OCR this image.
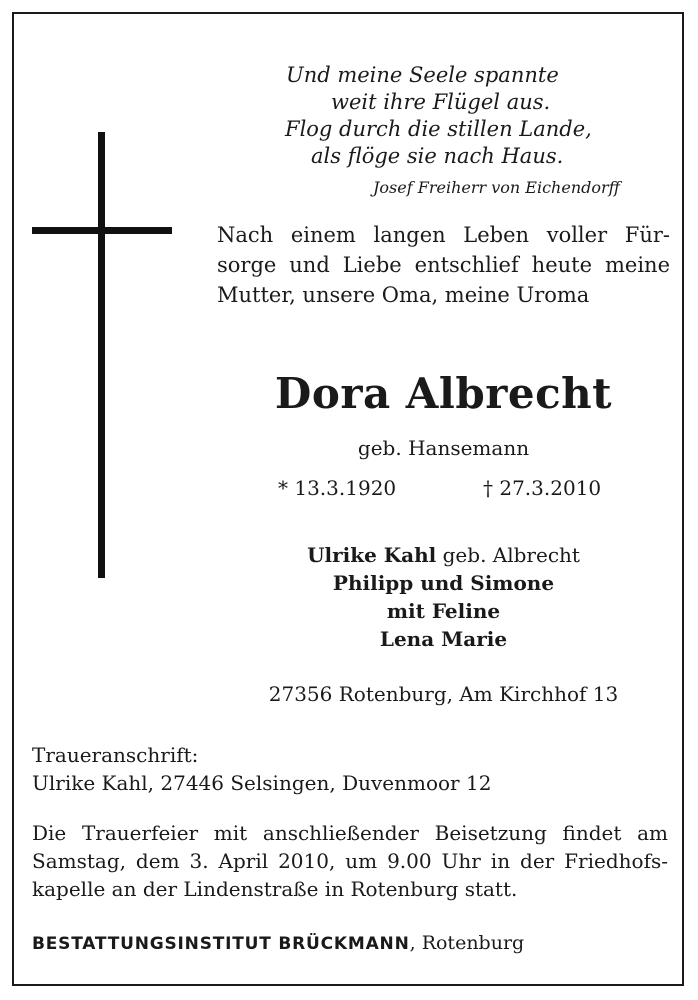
Und meine Seele spannte
weit ihre Flügel aus.
Flog durch die stillen Lande,
als flöge sie nach Haus.
Josef Freiherr von Eichendorff
Nach einem langen Leben voller Für-
sorge und Liebe entschlief heute meine
Mutter, unsere Oma, meine Uroma
Dora Albrecht
geb. Hansemann
* 13.3.1920	† 27.3.2010
Ulrike Kahl geb. Albrecht
Philipp und Simone
mit Feline
Lena Marie
27356 Rotenburg, Am Kirchhof 13
Traueranschrift:
Ulrike Kahl, 27446 Selsingen, Duvenmoor 12
Die Trauerfeier mit anschließender Beisetzung findet am
Samstag, dem 3. April 2010, um 9.00 Uhr in der Friedhofs-
kapelle an der Lindenstraße in Rotenburg statt.
BESTATTUNGSINSTITUT BRÜCKMANN, Rotenburg
